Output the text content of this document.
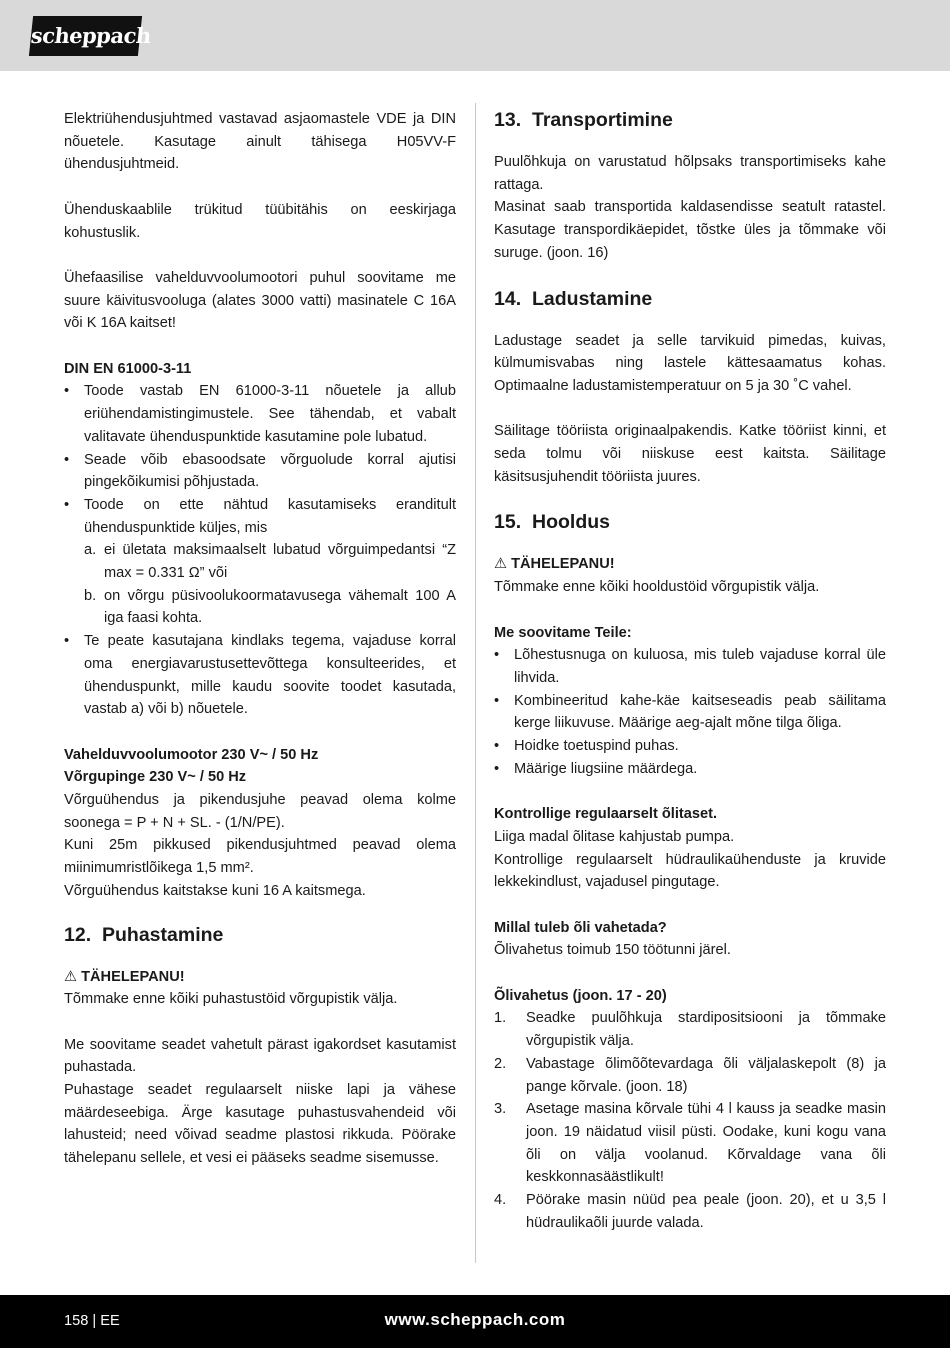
scheppach

Elektriühendusjuhtmed vastavad asjaomastele VDE ja DIN nõuetele. Kasutage ainult tähisega H05VV-F ühendusjuhtmeid.

Ühenduskaablile trükitud tüübitähis on eeskirjaga kohustuslik.

Ühefaasilise vahelduvvoolumootori puhul soovitame me suure käivitusvooluga (alates 3000 vatti) masinatele C 16A või K 16A kaitset!

DIN EN 61000-3-11

• Toode vastab EN 61000-3-11 nõuetele ja allub eriühendamistingimustele. See tähendab, et vabalt valitavate ühenduspunktide kasutamine pole lubatud.
• Seade võib ebasoodsate võrguolude korral ajutisi pingekõikumisi põhjustada.
• Toode on ette nähtud kasutamiseks eranditult ühenduspunktide küljes, mis
a. ei ületata maksimaalselt lubatud võrguimpedantsi “Z max = 0.331 Ω” või
b. on võrgu püsivoolukoormatavusega vähemalt 100 A iga faasi kohta.
• Te peate kasutajana kindlaks tegema, vajaduse korral oma energiavarustusettevõttega konsulteerides, et ühenduspunkt, mille kaudu soovite toodet kasutada, vastab a) või b) nõuetele.

Vahelduvvoolumootor 230 V~ / 50 Hz

Võrgupinge 230 V~ / 50 Hz

Võrguühendus ja pikendusjuhe peavad olema kolme soonega = P + N + SL. - (1/N/PE).

Kuni 25m pikkused pikendusjuhtmed peavad olema miinimumristlõikega 1,5 mm².

Võrguühendus kaitstakse kuni 16 A kaitsmega.

12. Puhastamine

⚠ TÄHELEPANU!

Tõmmake enne kõiki puhastustöid võrgupistik välja.

Me soovitame seadet vahetult pärast igakordset kasutamist puhastada.

Puhastage seadet regulaarselt niiske lapi ja vähese määrdeseebiga. Ärge kasutage puhastusvahendeid või lahusteid; need võivad seadme plastosi rikkuda. Pöörake tähelepanu sellele, et vesi ei pääseks seadme sisemusse.

13. Transportimine

Puulõhkuja on varustatud hõlpsaks transportimiseks kahe rattaga.

Masinat saab transportida kaldasendisse seatult ratastel. Kasutage transpordikäepidet, tõstke üles ja tõmmake või suruge. (joon. 16)

14. Ladustamine

Ladustage seadet ja selle tarvikuid pimedas, kuivas, külmumisvabas ning lastele kättesaamatus kohas. Optimaalne ladustamistemperatuur on 5 ja 30 ˚C vahel.

Säilitage tööriista originaalpakendis. Katke tööriist kinni, et seda tolmu või niiskuse eest kaitsta. Säilitage käsitsusjuhendit tööriista juures.

15. Hooldus

⚠ TÄHELEPANU!

Tõmmake enne kõiki hooldustöid võrgupistik välja.

Me soovitame Teile:

• Lõhestusnuga on kuluosa, mis tuleb vajaduse korral üle lihvida.
• Kombineeritud kahe-käe kaitseseadis peab säilitama kerge liikuvuse. Määrige aeg-ajalt mõne tilga õliga.
• Hoidke toetuspind puhas.
• Määrige liugsiine määrdega.

Kontrollige regulaarselt õlitaset.

Liiga madal õlitase kahjustab pumpa.

Kontrollige regulaarselt hüdraulikaühenduste ja kruvide lekkekindlust, vajadusel pingutage.

Millal tuleb õli vahetada?

Õlivahetus toimub 150 töötunni järel.

Õlivahetus (joon. 17 - 20)

1. Seadke puulõhkuja stardipositsiooni ja tõmmake võrgupistik välja.
2. Vabastage õlimõõtevardaga õli väljalaskepolt (8) ja pange kõrvale. (joon. 18)
3. Asetage masina kõrvale tühi 4 l kauss ja seadke masin joon. 19 näidatud viisil püsti. Oodake, kuni kogu vana õli on välja voolanud. Kõrvaldage vana õli keskkonnasäästlikult!
4. Pöörake masin nüüd pea peale (joon. 20), et u 3,5 l hüdraulikaõli juurde valada.
158 | EE	www.scheppach.com
